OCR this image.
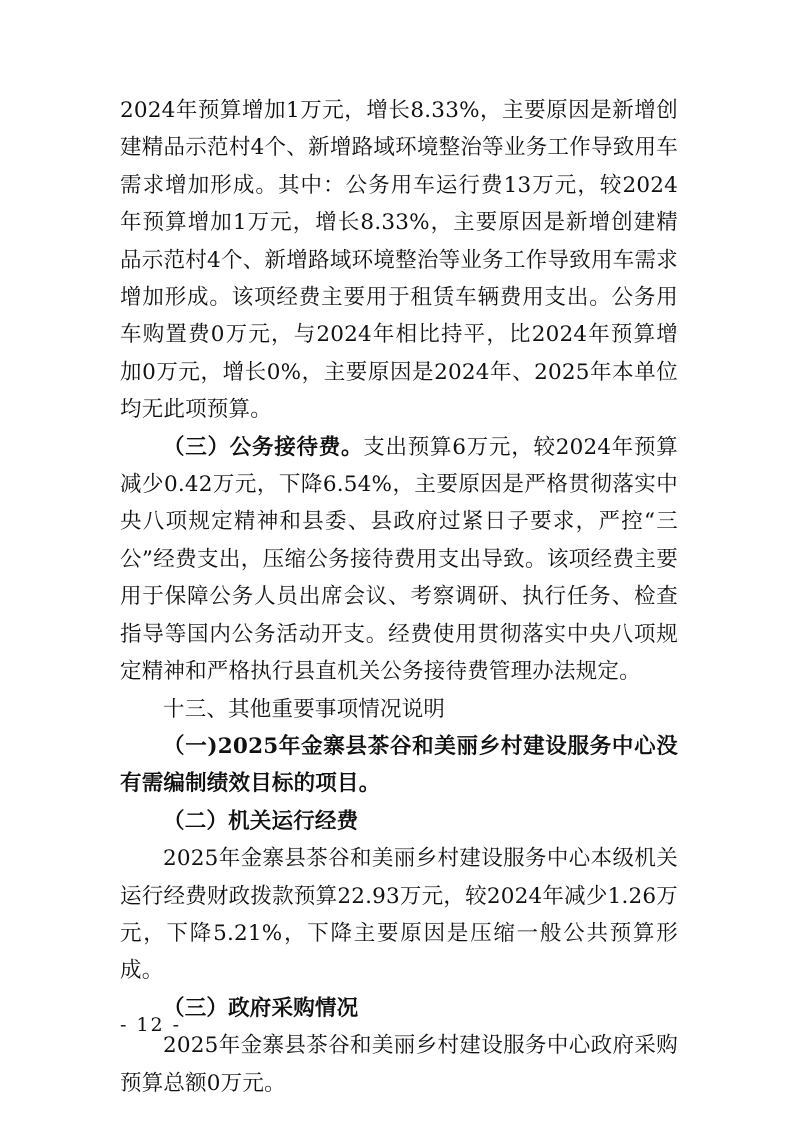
2024年预算增加1万元，增长8.33%，主要原因是新增创建精品示范村4个、新增路域环境整治等业务工作导致用车需求增加形成。其中：公务用车运行费13万元，较2024年预算增加1万元，增长8.33%，主要原因是新增创建精品示范村4个、新增路域环境整治等业务工作导致用车需求增加形成。该项经费主要用于租赁车辆费用支出。公务用车购置费0万元，与2024年相比持平，比2024年预算增加0万元，增长0%，主要原因是2024年、2025年本单位均无此项预算。

（三）公务接待费。支出预算6万元，较2024年预算减少0.42万元，下降6.54%，主要原因是严格贯彻落实中央八项规定精神和县委、县政府过紧日子要求，严控“三公”经费支出，压缩公务接待费用支出导致。该项经费主要用于保障公务人员出席会议、考察调研、执行任务、检查指导等国内公务活动开支。经费使用贯彻落实中央八项规定精神和严格执行县直机关公务接待费管理办法规定。

十三、其他重要事项情况说明

（一)2025年金寨县茶谷和美丽乡村建设服务中心没有需编制绩效目标的项目。

（二）机关运行经费

2025年金寨县茶谷和美丽乡村建设服务中心本级机关运行经费财政拨款预算22.93万元，较2024年减少1.26万元，下降5.21%，下降主要原因是压缩一般公共预算形成。

（三）政府采购情况

2025年金寨县茶谷和美丽乡村建设服务中心政府采购预算总额0万元。

- 12 -
